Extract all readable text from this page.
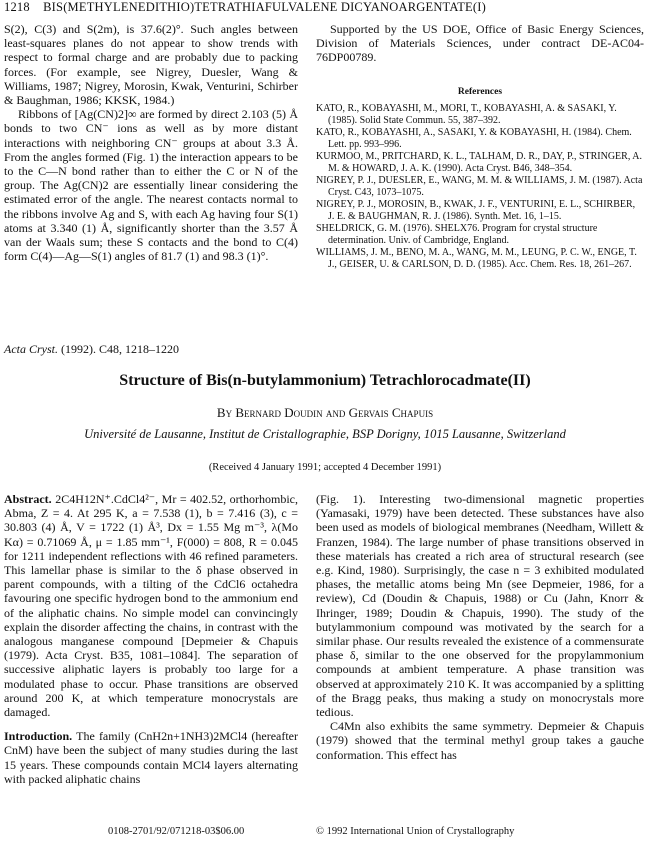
1218 BIS(METHYLENEDITHIO)TETRATHIAFULVALENE DICYANOARGENTATE(I)

S(2), C(3) and S(2m), is 37.6(2)°. Such angles between least-squares planes do not appear to show trends with respect to formal charge and are probably due to packing forces. (For example, see Nigrey, Duesler, Wang & Williams, 1987; Nigrey, Morosin, Kwak, Venturini, Schirber & Baughman, 1986; KKSK, 1984.)

Ribbons of [Ag(CN)2]∞ are formed by direct 2.103 (5) Å bonds to two CN⁻ ions as well as by more distant interactions with neighboring CN⁻ groups at about 3.3 Å. From the angles formed (Fig. 1) the interaction appears to be to the C—N bond rather than to either the C or N of the group. The Ag(CN)2 are essentially linear considering the estimated error of the angle. The nearest contacts normal to the ribbons involve Ag and S, with each Ag having four S(1) atoms at 3.340 (1) Å, significantly shorter than the 3.57 Å van der Waals sum; these S contacts and the bond to C(4) form C(4)—Ag—S(1) angles of 81.7 (1) and 98.3 (1)°.

Supported by the US DOE, Office of Basic Energy Sciences, Division of Materials Sciences, under contract DE-AC04-76DP00789.

References
KATO, R., KOBAYASHI, M., MORI, T., KOBAYASHI, A. & SASAKI, Y. (1985). Solid State Commun. 55, 387–392.
KATO, R., KOBAYASHI, A., SASAKI, Y. & KOBAYASHI, H. (1984). Chem. Lett. pp. 993–996.
KURMOO, M., PRITCHARD, K. L., TALHAM, D. R., DAY, P., STRINGER, A. M. & HOWARD, J. A. K. (1990). Acta Cryst. B46, 348–354.
NIGREY, P. J., DUESLER, E., WANG, M. M. & WILLIAMS, J. M. (1987). Acta Cryst. C43, 1073–1075.
NIGREY, P. J., MOROSIN, B., KWAK, J. F., VENTURINI, E. L., SCHIRBER, J. E. & BAUGHMAN, R. J. (1986). Synth. Met. 16, 1–15.
SHELDRICK, G. M. (1976). SHELX76. Program for crystal structure determination. Univ. of Cambridge, England.
WILLIAMS, J. M., BENO, M. A., WANG, M. M., LEUNG, P. C. W., ENGE, T. J., GEISER, U. & CARLSON, D. D. (1985). Acc. Chem. Res. 18, 261–267.
Acta Cryst. (1992). C48, 1218–1220
Structure of Bis(n-butylammonium) Tetrachlorocadmate(II)
By Bernard Doudin and Gervais Chapuis
Université de Lausanne, Institut de Cristallographie, BSP Dorigny, 1015 Lausanne, Switzerland
(Received 4 January 1991; accepted 4 December 1991)

Abstract. 2C4H12N⁺.CdCl4²⁻, Mr = 402.52, orthorhombic, Abma, Z = 4. At 295 K, a = 7.538 (1), b = 7.416 (3), c = 30.803 (4) Å, V = 1722 (1) Å³, Dx = 1.55 Mg m⁻³, λ(Mo Kα) = 0.71069 Å, μ = 1.85 mm⁻¹, F(000) = 808, R = 0.045 for 1211 independent reflections with 46 refined parameters. This lamellar phase is similar to the δ phase observed in parent compounds, with a tilting of the CdCl6 octahedra favouring one specific hydrogen bond to the ammonium end of the aliphatic chains. No simple model can convincingly explain the disorder affecting the chains, in contrast with the analogous manganese compound [Depmeier & Chapuis (1979). Acta Cryst. B35, 1081–1084]. The separation of successive aliphatic layers is probably too large for a modulated phase to occur. Phase transitions are observed around 200 K, at which temperature monocrystals are damaged.

Introduction. The family (CnH2n+1NH3)2MCl4 (hereafter CnM) have been the subject of many studies during the last 15 years. These compounds contain MCl4 layers alternating with packed aliphatic chains

(Fig. 1). Interesting two-dimensional magnetic properties (Yamasaki, 1979) have been detected. These substances have also been used as models of biological membranes (Needham, Willett & Franzen, 1984). The large number of phase transitions observed in these materials has created a rich area of structural research (see e.g. Kind, 1980). Surprisingly, the case n = 3 exhibited modulated phases, the metallic atoms being Mn (see Depmeier, 1986, for a review), Cd (Doudin & Chapuis, 1988) or Cu (Jahn, Knorr & Ihringer, 1989; Doudin & Chapuis, 1990). The study of the butylammonium compound was motivated by the search for a similar phase. Our results revealed the existence of a commensurate phase δ, similar to the one observed for the propylammonium compounds at ambient temperature. A phase transition was observed at approximately 210 K. It was accompanied by a splitting of the Bragg peaks, thus making a study on monocrystals more tedious.

C4Mn also exhibits the same symmetry. Depmeier & Chapuis (1979) showed that the terminal methyl group takes a gauche conformation. This effect has

0108-2701/92/071218-03$06.00	© 1992 International Union of Crystallography
